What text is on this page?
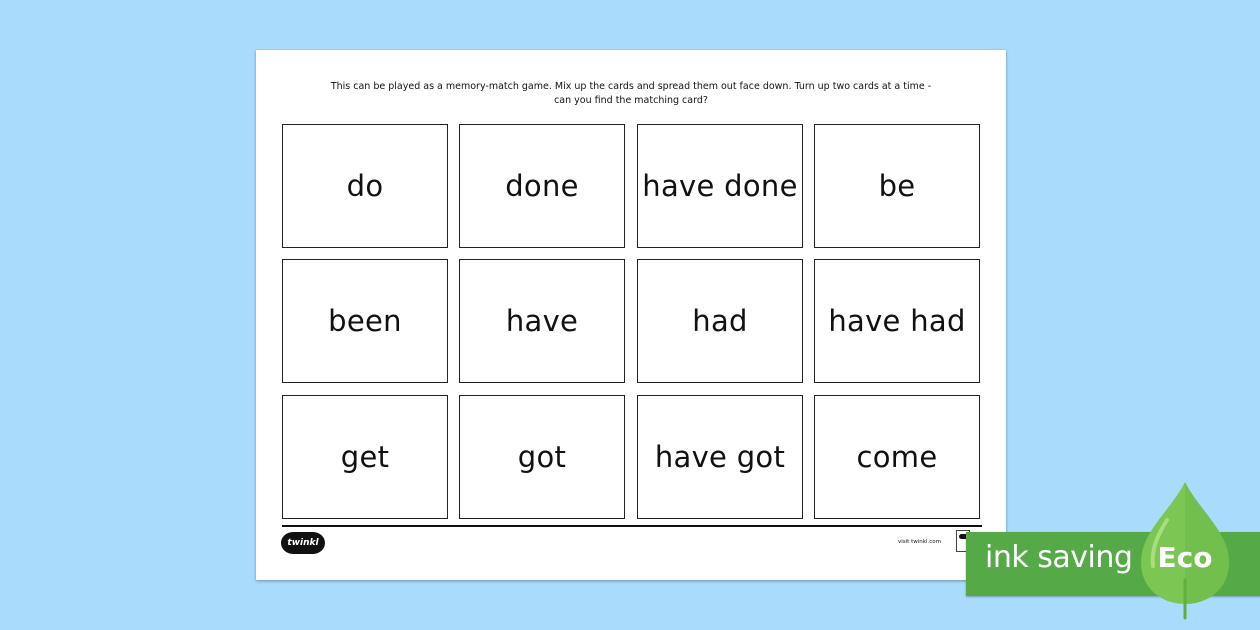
This can be played as a memory-match game. Mix up the cards and spread them out face down. Turn up two cards at a time -
can you find the matching card?
do	done have done	be
been	have	had	have had
get	got	have got come
twinkl	visit twinkl.com ink saving Eco
